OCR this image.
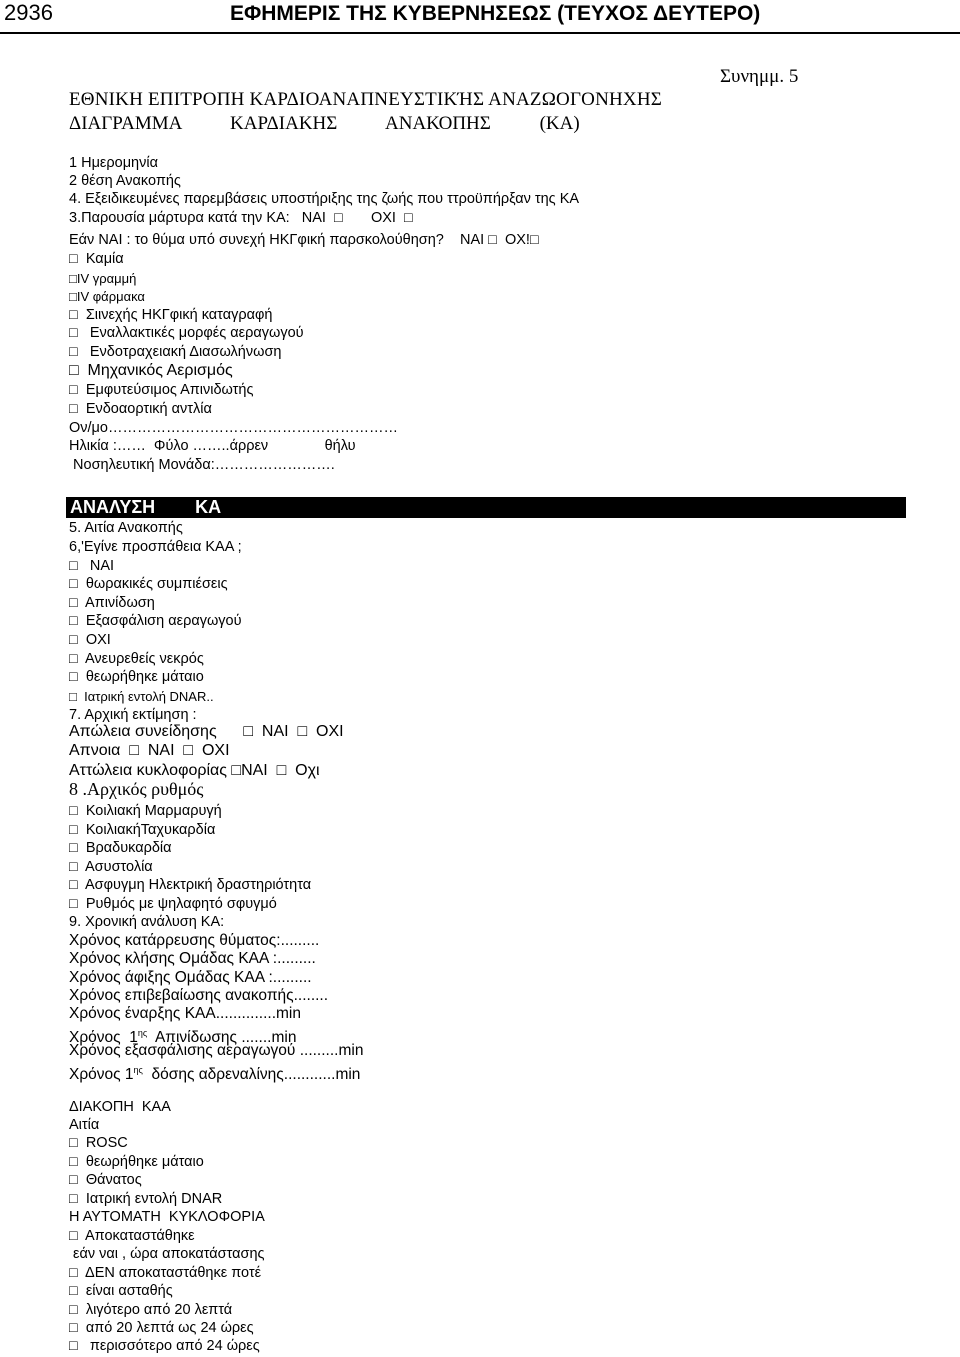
2936	ΕΦΗΜΕΡΙΣ ΤΗΣ ΚΥΒΕΡΝΗΣΕΩΣ (ΤΕΥΧΟΣ ΔΕΥΤΕΡΟ)
Συνημμ. 5
ΕΘΝΙΚΗ ΕΠΙΤΡΟΠΗ ΚΑΡΔΙΟΑΝΑΠΝΕΥΣΤΙΚΉΣ ΑΝΑΖΩΟΓΟΝΗΧΗΣ
ΔΙΑΓΡΑΜΜΑ ΚΑΡΔΙΑΚΗΣ ΑΝΑΚΟΠΗΣ (ΚΑ)
1 Ημερομηνία
2 θέση Ανακοπής
4. Εξειδικευμένες παρεμβάσεις υποστήριξης της ζωής που ττροϋπήρξαν της ΚΑ
3.Παρουσία μάρτυρα κατά την ΚΑ:   ΝΑΙ  □       ΟΧΙ  □
Εάν ΝΑΙ : το θύμα υπό συνεχή ΗΚΓφική παρσκολούθηση?    ΝΑΙ □  ΟΧ!□
□  Καμία
□IV γραμμή
□IV φάρμακα
□  Σιινεχής ΗΚΓφική καταγραφή
□   Εναλλακτικές μορφές αεραγωγού
□   Ενδοτραχειακή Διασωλήνωση
□  Μηχανικός Αερισμός
□  Εμφυτεύσιμος Απινιδωτής
□  Ενδοαορτική αντλία
Ον/μο……………………………………………………
Ηλικία :……  Φύλο ……..άρρεν              θήλυ
Νοσηλευτική Μονάδα:…………………….
ΑΝΑΛΥΣΗ        ΚΑ
5. Αιτία Ανακοπής
6,'Εγίνε προσπάθεια ΚΑΑ ;
□   ΝΑΙ
□  θωρακικές συμπιέσεις
□  Απινίδωση
□  Εξασφάλιση αεραγωγού
□  ΟΧΙ
□  Ανευρεθείς νεκρός
□  θεωρήθηκε μάταιο
□  Ιατρική εντολή DNAR..
7. Αρχική εκτίμηση :
Απώλεια συνείδησης      □  ΝΑΙ  □  ΟΧΙ
Απνοια  □  ΝΑΙ  □  ΟΧΙ
Αττώλεια κυκλοφορίας □ΝΑΙ  □  Οχι
8 .Αρχικός ρυθμός
□  Κοιλιακή Μαρμαρυγή
□  ΚοιλιακήΤαχυκαρδία
□  Βραδυκαρδία
□  Ασυστολία
□  Ασφυγμη Ηλεκτρική δραστηριότητα
□  Ρυθμός με ψηλαφητό σφυγμό
9. Χρονική ανάλυση ΚΑ:
Χρόνος κατάρρευσης θύματος:.........
Χρόνος κλήσης Ομάδας ΚΑΑ :.........
Χρόνος άφιξης Ομάδας ΚΑΑ :.........
Χρόνος επιβεβαίωσης ανακοπής........
Χρόνος έναρξης ΚΑΑ..............min
Χρόνος  $1^{\eta\varsigma}$  Απινίδωσης .......min
Χρόνος εξασφάλισης αεραγωγού .........min
Χρόνος $1^{\eta\varsigma}$  δόσης αδρεναλίνης............min
ΔΙΑΚΟΠΗ  ΚΑΑ
Αιτία
□  ROSC
□  θεωρήθηκε μάταιο
□  Θάνατος
□  Ιατρική εντολή DNAR
Η ΑΥΤΟΜΑΤΗ  ΚΥΚΛΟΦΟΡΙΑ
□  Αποκαταστάθηκε
εάν ναι , ώρα αποκατάστασης
□  ΔΕΝ αποκαταστάθηκε ποτέ
□  είναι ασταθής
□  λιγότερο από 20 λεπτά
□  από 20 λεπτά ως 24 ώρες
□   περισσότερο από 24 ώρες
